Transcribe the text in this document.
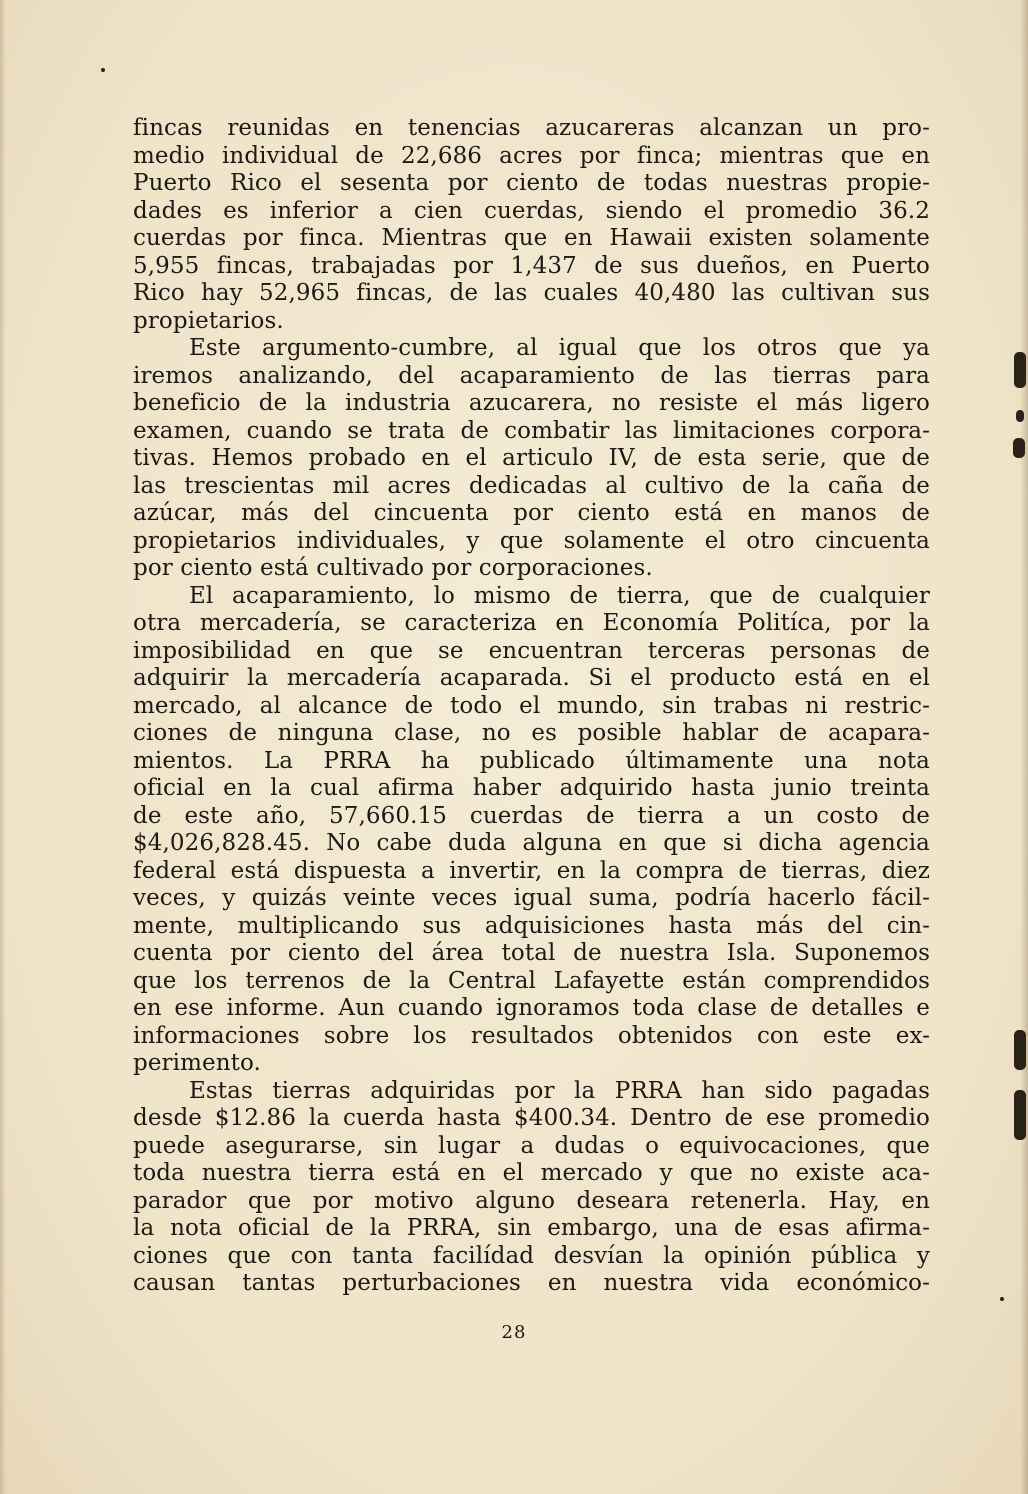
fincas reunidas en tenencias azucareras alcanzan un pro-
medio individual de 22,686 acres por finca; mientras que en
Puerto Rico el sesenta por ciento de todas nuestras propie-
dades es inferior a cien cuerdas, siendo el promedio 36.2
cuerdas por finca. Mientras que en Hawaii existen solamente
5,955 fincas, trabajadas por 1,437 de sus dueños, en Puerto
Rico hay 52,965 fincas, de las cuales 40,480 las cultivan sus
propietarios.
Este argumento-cumbre, al igual que los otros que ya
iremos analizando, del acaparamiento de las tierras para
beneficio de la industria azucarera, no resiste el más ligero
examen, cuando se trata de combatir las limitaciones corpora-
tivas. Hemos probado en el articulo IV, de esta serie, que de
las trescientas mil acres dedicadas al cultivo de la caña de
azúcar, más del cincuenta por ciento está en manos de
propietarios individuales, y que solamente el otro cincuenta
por ciento está cultivado por corporaciones.
El acaparamiento, lo mismo de tierra, que de cualquier
otra mercadería, se caracteriza en Economía Politíca, por la
imposibilidad en que se encuentran terceras personas de
adquirir la mercadería acaparada. Si el producto está en el
mercado, al alcance de todo el mundo, sin trabas ni restric-
ciones de ninguna clase, no es posible hablar de acapara-
mientos. La PRRA ha publicado últimamente una nota
oficial en la cual afirma haber adquirido hasta junio treinta
de este año, 57,660.15 cuerdas de tierra a un costo de
$4,026,828.45. No cabe duda alguna en que si dicha agencia
federal está dispuesta a invertir, en la compra de tierras, diez
veces, y quizás veinte veces igual suma, podría hacerlo fácil-
mente, multiplicando sus adquisiciones hasta más del cin-
cuenta por ciento del área total de nuestra Isla. Suponemos
que los terrenos de la Central Lafayette están comprendidos
en ese informe. Aun cuando ignoramos toda clase de detalles e
informaciones sobre los resultados obtenidos con este ex-
perimento.
Estas tierras adquiridas por la PRRA han sido pagadas
desde $12.86 la cuerda hasta $400.34. Dentro de ese promedio
puede asegurarse, sin lugar a dudas o equivocaciones, que
toda nuestra tierra está en el mercado y que no existe aca-
parador que por motivo alguno deseara retenerla. Hay, en
la nota oficial de la PRRA, sin embargo, una de esas afirma-
ciones que con tanta facilídad desvían la opinión pública y
causan tantas perturbaciones en nuestra vida económico-
28
